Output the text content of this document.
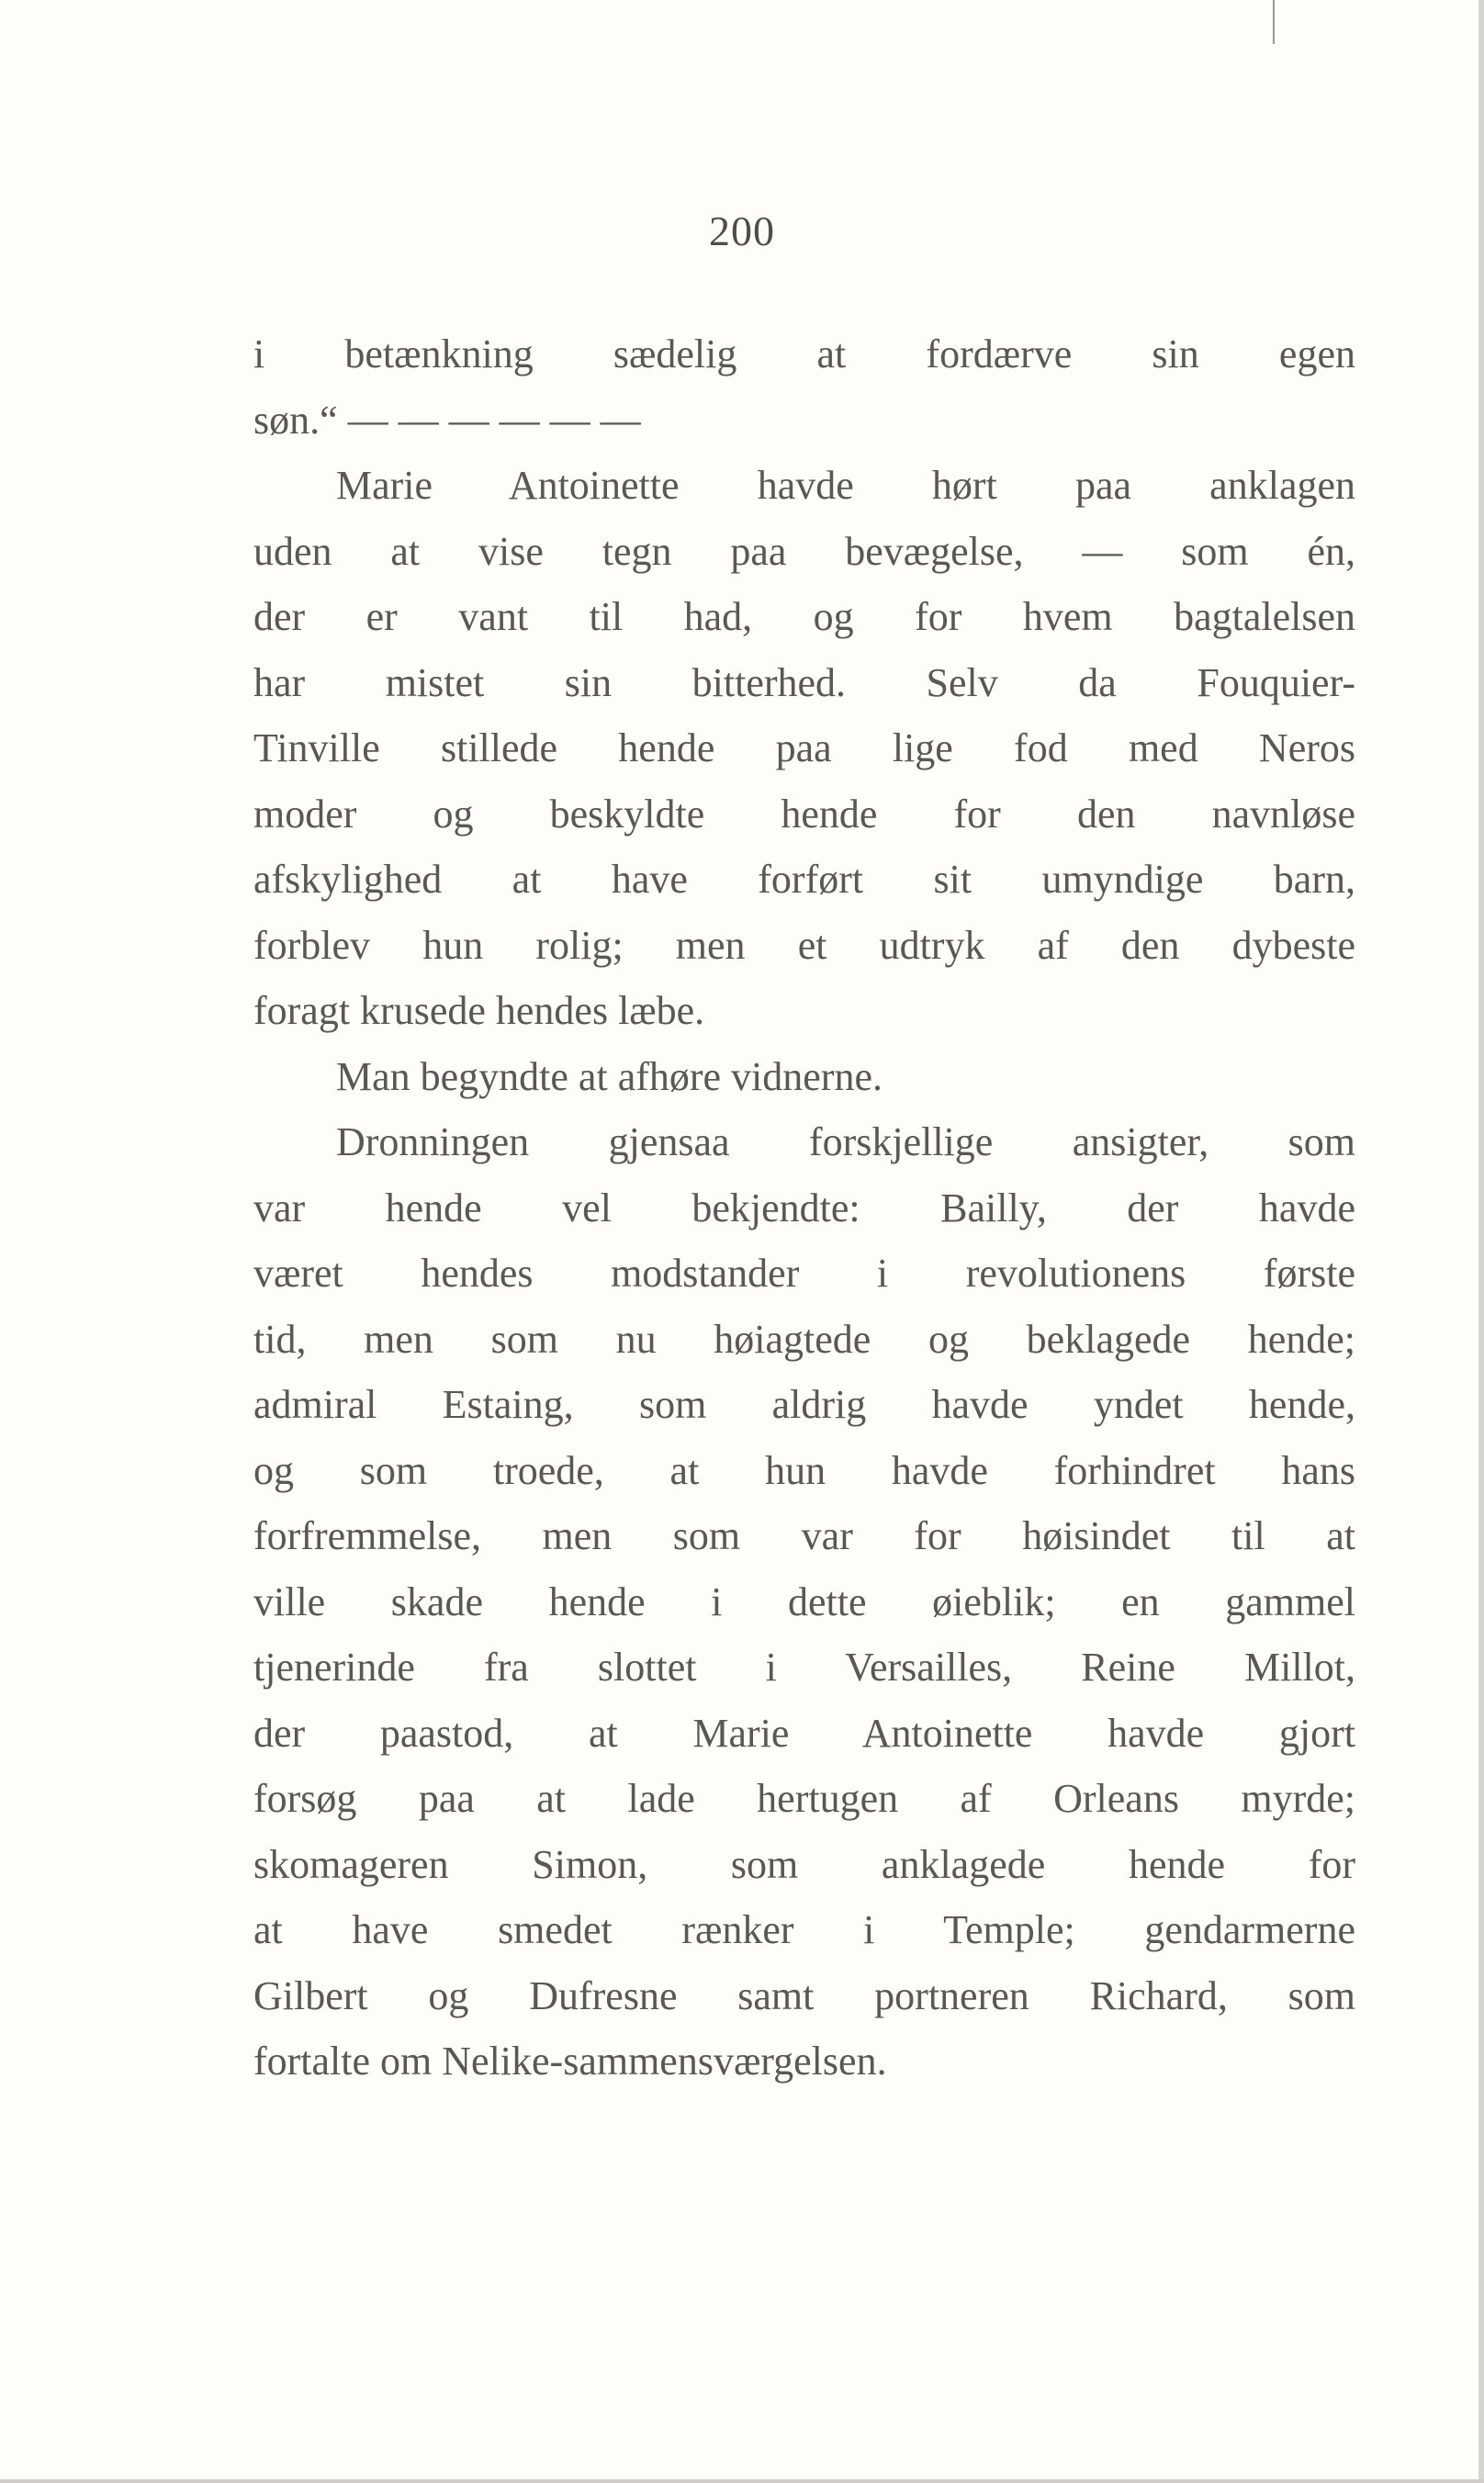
200
i betænkning sædelig at fordærve sin egen
søn.“ — — — — — —
Marie Antoinette havde hørt paa anklagen
uden at vise tegn paa bevægelse, — som én,
der er vant til had, og for hvem bagtalelsen
har mistet sin bitterhed. Selv da Fouquier-
Tinville stillede hende paa lige fod med Neros
moder og beskyldte hende for den navnløse
afskylighed at have forført sit umyndige barn,
forblev hun rolig; men et udtryk af den dybeste
foragt krusede hendes læbe.
Man begyndte at afhøre vidnerne.
Dronningen gjensaa forskjellige ansigter, som
var hende vel bekjendte: Bailly, der havde
været hendes modstander i revolutionens første
tid, men som nu høiagtede og beklagede hende;
admiral Estaing, som aldrig havde yndet hende,
og som troede, at hun havde forhindret hans
forfremmelse, men som var for høisindet til at
ville skade hende i dette øieblik; en gammel
tjenerinde fra slottet i Versailles, Reine Millot,
der paastod, at Marie Antoinette havde gjort
forsøg paa at lade hertugen af Orleans myrde;
skomageren Simon, som anklagede hende for
at have smedet rænker i Temple; gendarmerne
Gilbert og Dufresne samt portneren Richard, som
fortalte om Nelike-sammensværgelsen.
